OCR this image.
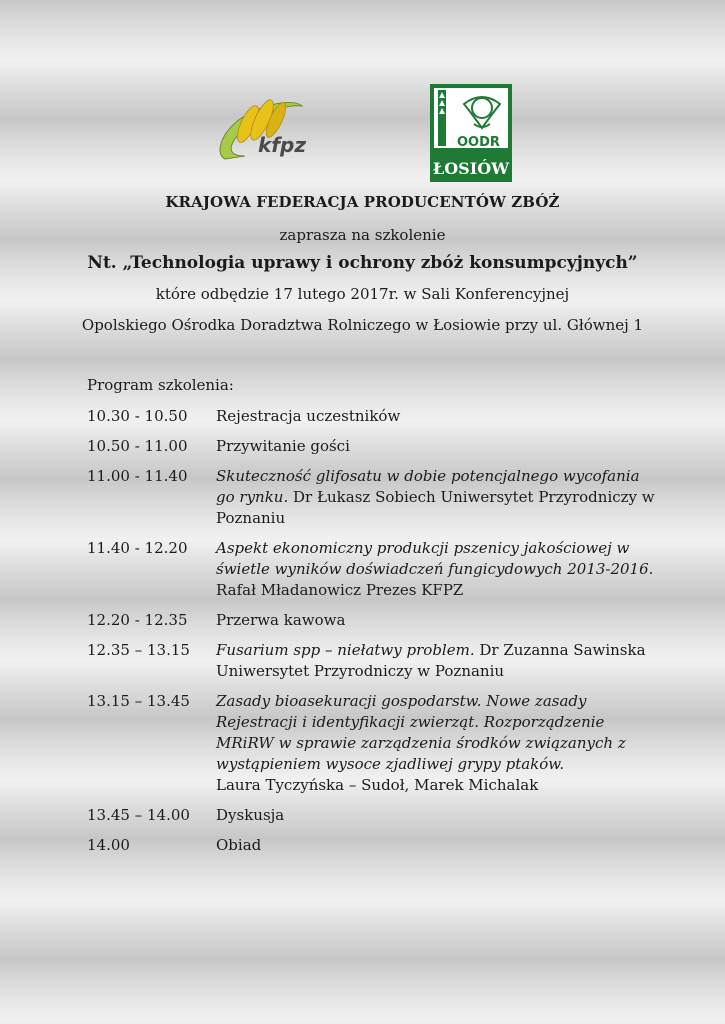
kfpz	OODR
ŁOSIÓW
KRAJOWA FEDERACJA PRODUCENTÓW ZBÓŻ
zaprasza na szkolenie
Nt. „Technologia uprawy i ochrony zbóż konsumpcyjnych”
które odbędzie 17 lutego 2017r. w Sali Konferencyjnej
Opolskiego Ośrodka Doradztwa Rolniczego w Łosiowie przy ul. Głównej 1
Program szkolenia:
10.30 - 10.50	Rejestracja uczestników
10.50 - 11.00	Przywitanie gości
11.00 - 11.40	Skuteczność glifosatu w dobie potencjalnego wycofania go rynku. Dr Łukasz Sobiech Uniwersytet Przyrodniczy w Poznaniu
11.40 - 12.20	Aspekt ekonomiczny produkcji pszenicy jakościowej w świetle wyników doświadczeń fungicydowych 2013-2016. Rafał Mładanowicz Prezes KFPZ
12.20 - 12.35	Przerwa kawowa
12.35 – 13.15	Fusarium spp – niełatwy problem. Dr Zuzanna Sawinska Uniwersytet Przyrodniczy w Poznaniu
13.15 – 13.45	Zasady bioasekuracji gospodarstw. Nowe zasady Rejestracji i identyfikacji zwierząt. Rozporządzenie MRiRW w sprawie zarządzenia środków związanych z wystąpieniem wysoce zjadliwej grypy ptaków.
Laura Tyczyńska – Sudoł, Marek Michalak
13.45 – 14.00	Dyskusja
14.00	Obiad
